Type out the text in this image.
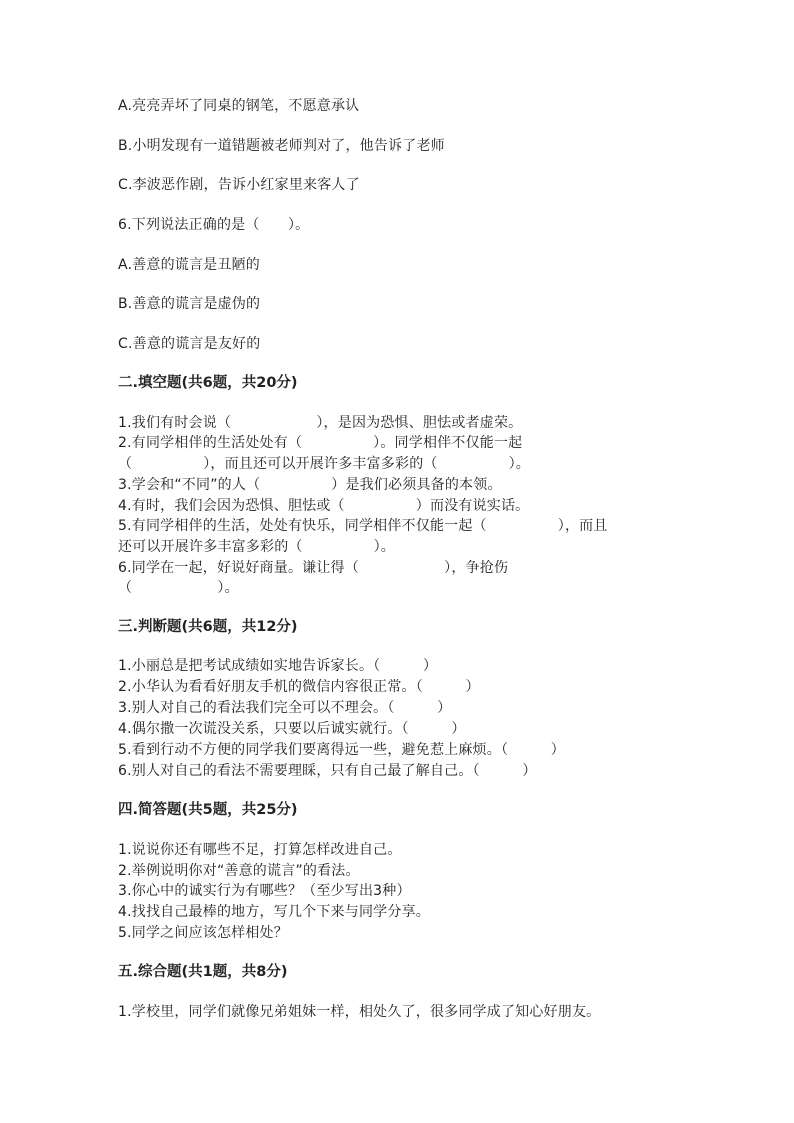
A.亮亮弄坏了同桌的钢笔，不愿意承认
B.小明发现有一道错题被老师判对了，他告诉了老师
C.李波恶作剧，告诉小红家里来客人了
6.下列说法正确的是（　　）。
A.善意的谎言是丑陋的
B.善意的谎言是虚伪的
C.善意的谎言是友好的
二.填空题(共6题，共20分)
1.我们有时会说（　　　　　　），是因为恐惧、胆怯或者虚荣。
2.有同学相伴的生活处处有（　　　　　）。同学相伴不仅能一起
（　　　　　），而且还可以开展许多丰富多彩的（　　　　　）。
3.学会和“不同”的人（　　　　　）是我们必须具备的本领。
4.有时，我们会因为恐惧、胆怯或（　　　　　）而没有说实话。
5.有同学相伴的生活，处处有快乐，同学相伴不仅能一起（　　　　　），而且
还可以开展许多丰富多彩的（　　　　　）。
6.同学在一起，好说好商量。谦让得（　　　　　　），争抢伤
（　　　　　　）。
三.判断题(共6题，共12分)
1.小丽总是把考试成绩如实地告诉家长。（　　　）
2.小华认为看看好朋友手机的微信内容很正常。（　　　）
3.别人对自己的看法我们完全可以不理会。（　　　）
4.偶尔撒一次谎没关系，只要以后诚实就行。（　　　）
5.看到行动不方便的同学我们要离得远一些，避免惹上麻烦。（　　　）
6.别人对自己的看法不需要理睬，只有自己最了解自己。（　　　）
四.简答题(共5题，共25分)
1.说说你还有哪些不足，打算怎样改进自己。
2.举例说明你对“善意的谎言”的看法。
3.你心中的诚实行为有哪些？（至少写出3种）
4.找找自己最棒的地方，写几个下来与同学分享。
5.同学之间应该怎样相处？
五.综合题(共1题，共8分)
1.学校里，同学们就像兄弟姐妹一样，相处久了，很多同学成了知心好朋友。
